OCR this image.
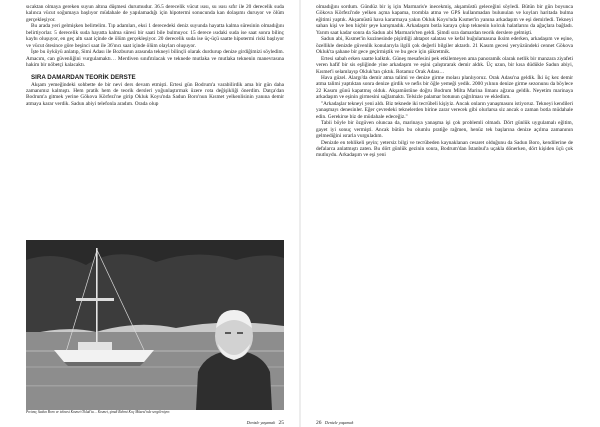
sıcaktan olmaya gereken suyun altına düşmesi durumudur. 36.5 derecelik vücut ısısı, su ısısı sıfır ile 20 derecelik suda kalınca vücut soğumaya başlıyor müdahale de yapılamadığı için hipotermi sonucunda kan dolaşımı duruyor ve ölüm gerçekleşiyor.

Bu arada yeri gelmişken belirtelim. Tıp adamları, eksi 1 derecedeki deniz suyunda hayatta kalma süresinin olmadığını belirtiyorlar. 5 derecelik suda hayatta kalma süresi bir saati bile bulmuyor. 15 derece ısıdaki suda ise saat sonra bilinç kaybı oluşuyor, en geç altı saat içinde de ölüm gerçekleşiyor. 20 derecelik suda ise üç-üçü saatte hipotermi riski başlıyor ve vücut ötesince göre beşinci saat ile 36'ıncı saat içinde ölüm olayları oluşuyor.

İşte bu öyküyü anlatıp, Simi Adası ile Bozburun arasında tekneyi bilinçli olarak durdurup denize girdiğimizi söyledim. Amacım, can güvenliğini vurgulamaktı… Merdiven sınıfıtılacak ve teknede mutlaka ve mutlaka teknenin manevrasına hakim bir nöbetçi kalacaktı.

SIRA DAMARDAN TEORİK DERSTE

Akşam yemeğindeki sohbette de bir nevi ders devam etmişti. Ertesi gün Bodrum'a varabilirdik ama bir gün daha zamanımız kalmıştı. Hem pratik hem de teorik dersleri yoğunlaştırmak üzere rota değişikliği önerdim. Datça'dan Bodrum'a gitmek yerine Gökova Körfezi'ne girip Okluk Koyu'nda Sadun Boro'nun Kısmet yelkenlisinin yanına demir atmaya karar verdik. Sadun abiyi telefonla aradım. Orada olup

Pırtınıç Sadun Boro ve teknesi Kısmet Okluk'ta… Kısmet, şimdi Rahmi Koç Müzesi'nde sergileniyor.
Denizle yaşamak 25

olmadığını sordum. Gündüz bir iş için Marmaris'e inecekmiş, akşamüstü geleceğini söyledi. Bütün bir gün boyunca Gökova Körfezi'nde yelken açma kapama, trombla atma ve GPS kullanmadan bulunulan ve koyları haritada bulma eğitimi yaptık. Akşamüstü hava kararmaya yakın Okluk Koyu'nda Kısmet'in yanına arkadaşım ve eşi demirledi. Tekneyi sahan kişi ve ben hiçbir şeye karışmadık. Arkadaşım botla karaya çıkıp teknenin kolcuk halatlarını da ağaçlara bağladı. Yarım saat kadar sonra da Sadun abi Marmaris'ten geldi. Şimdi sıra damardan teorik derslere gelmişti.

Sadun abi, Kısmet'in kuzinesinde pişirdiği ahtapot salatası ve kefal buğulamasına iksim ederken, arkadaşım ve eşine, özellikle denizde güvenlik konularıyla ilgili çok değerli bilgiler aktardı. 21 Kasım gecesi yeryüzündeki cennet Gökova Okluk'ta şahane bir gece geçirmiştik ve bu gece için şükretmik.

Ertesi sabah erken saatte kalktık. Güneş mesafesini pek etkilemeyen ama panoramik olarak netlik bir manzara ziyafeti veren hafif bir sis eşliğinde yine arkadaşım ve eşini çalıştırarak demir aldık. Üç uzun, bir kısa düdükle Sadun abiyi, Kısmet'i selamlayıp Okluk'tan çıktık. Rotamız Orak Adası…

Hava güzel. Alargı'da demir atma talimi ve denize girme molası planlıyoruz. Orak Adası'na geldik. İki üç kez demir atma talimi yaptıktan sonra denize girdik ve nefis bir öğle yemeği yedik. 2000 yılının denize girme sezonunu da böylece 22 Kasım günü kapatmış olduk. Akşamüstüne doğru Bodrum Milta Marina limanı ağzına geldik. Neyetim marinaya arkadaşım ve eşinin girmesini sağlamaktı. Telsizle palamar botunun çağrılması ve eklediım.

"Arkadaşlar tekneyi yeni aldı. Biz teknede iki tecrübeli kişiyiz. Ancak onların yanaşmasını istiyoruz. Tekneyi kendileri yanaşmayı denesinler. Eğer çevredeki teknelerden birine zarar verecek gibi olurlarsa siz ancak o zaman botla müdahale edin. Gerekirse biz de müdahale edeceğiz."

Tabii böyle bir özgüven oluncaa da, marinaya yanaşma işi çok problemli olmadı. Dört günlük uygulamalı eğitim, gayet iyi sonuç vermişti. Ancak bütün bu olumlu pratiğe rağmen, henüz tek başlarına denize açılma zamanının gelmediğini ısrarla vurguladım.

Denizde en tehlikeli şeyin; yetersiz bilgi ve tecrübeden kaynaklanan cesaret olduğunu da Sadun Boro, kendilerine de defalarca anlatmıştı zaten. Bu dört günlük gezinin sonra, Bodrum'dan İstanbul'a uçakla dönerken, dört kişiden üçü çok mutluydu. Arkadaşım ve eşi yeni

26 Denizle yaşamak
